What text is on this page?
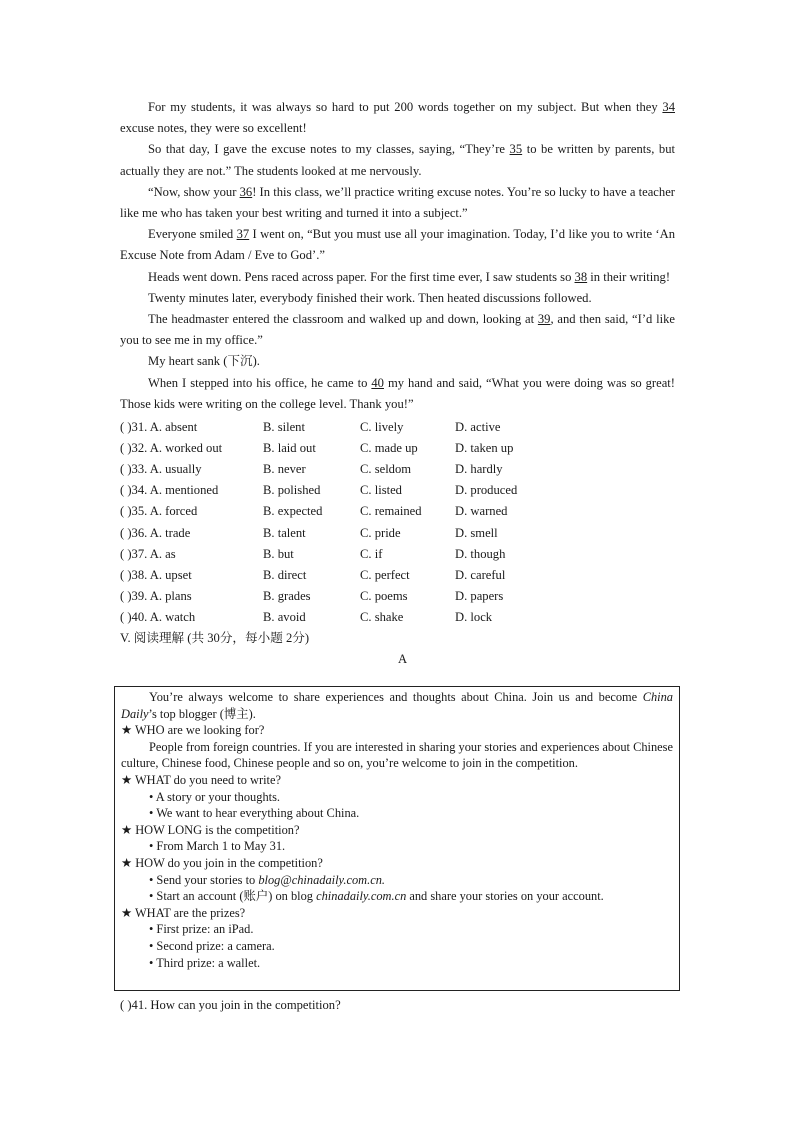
For my students, it was always so hard to put 200 words together on my subject. But when they 34 excuse notes, they were so excellent!

So that day, I gave the excuse notes to my classes, saying, “They’re 35 to be written by parents, but actually they are not.” The students looked at me nervously.

“Now, show your 36! In this class, we’ll practice writing excuse notes. You’re so lucky to have a teacher like me who has taken your best writing and turned it into a subject.”

Everyone smiled 37 I went on, “But you must use all your imagination. Today, I’d like you to write ‘An Excuse Note from Adam / Eve to God’.”

Heads went down. Pens raced across paper. For the first time ever, I saw students so 38 in their writing!

Twenty minutes later, everybody finished their work. Then heated discussions followed.

The headmaster entered the classroom and walked up and down, looking at 39, and then said, “I’d like you to see me in my office.”

My heart sank (下沉).

When I stepped into his office, he came to 40 my hand and said, “What you were doing was so great! Those kids were writing on the college level. Thank you!”

( )31. A. absent	B. silent	C. lively	D. active
( )32. A. worked out	B. laid out	C. made up	D. taken up
( )33. A. usually	B. never	C. seldom	D. hardly
( )34. A. mentioned	B. polished	C. listed	D. produced
( )35. A. forced	B. expected	C. remained	D. warned
( )36. A. trade	B. talent	C. pride	D. smell
( )37. A. as	B. but	C. if	D. though
( )38. A. upset	B. direct	C. perfect	D. careful
( )39. A. plans	B. grades	C. poems	D. papers
( )40. A. watch	B. avoid	C. shake	D. lock

V. 阅读理解 (共 30分，每小题 2分)

A

You’re always welcome to share experiences and thoughts about China. Join us and become China Daily’s top blogger (博主).

★ WHO are we looking for?

People from foreign countries. If you are interested in sharing your stories and experiences about Chinese culture, Chinese food, Chinese people and so on, you’re welcome to join in the competition.

★ WHAT do you need to write?

• A story or your thoughts.

• We want to hear everything about China.

★ HOW LONG is the competition?

• From March 1 to May 31.

★ HOW do you join in the competition?

• Send your stories to blog@chinadaily.com.cn.

• Start an account (账户) on blog chinadaily.com.cn and share your stories on your account.

★ WHAT are the prizes?

• First prize: an iPad.

• Second prize: a camera.

• Third prize: a wallet.

( )41. How can you join in the competition?
